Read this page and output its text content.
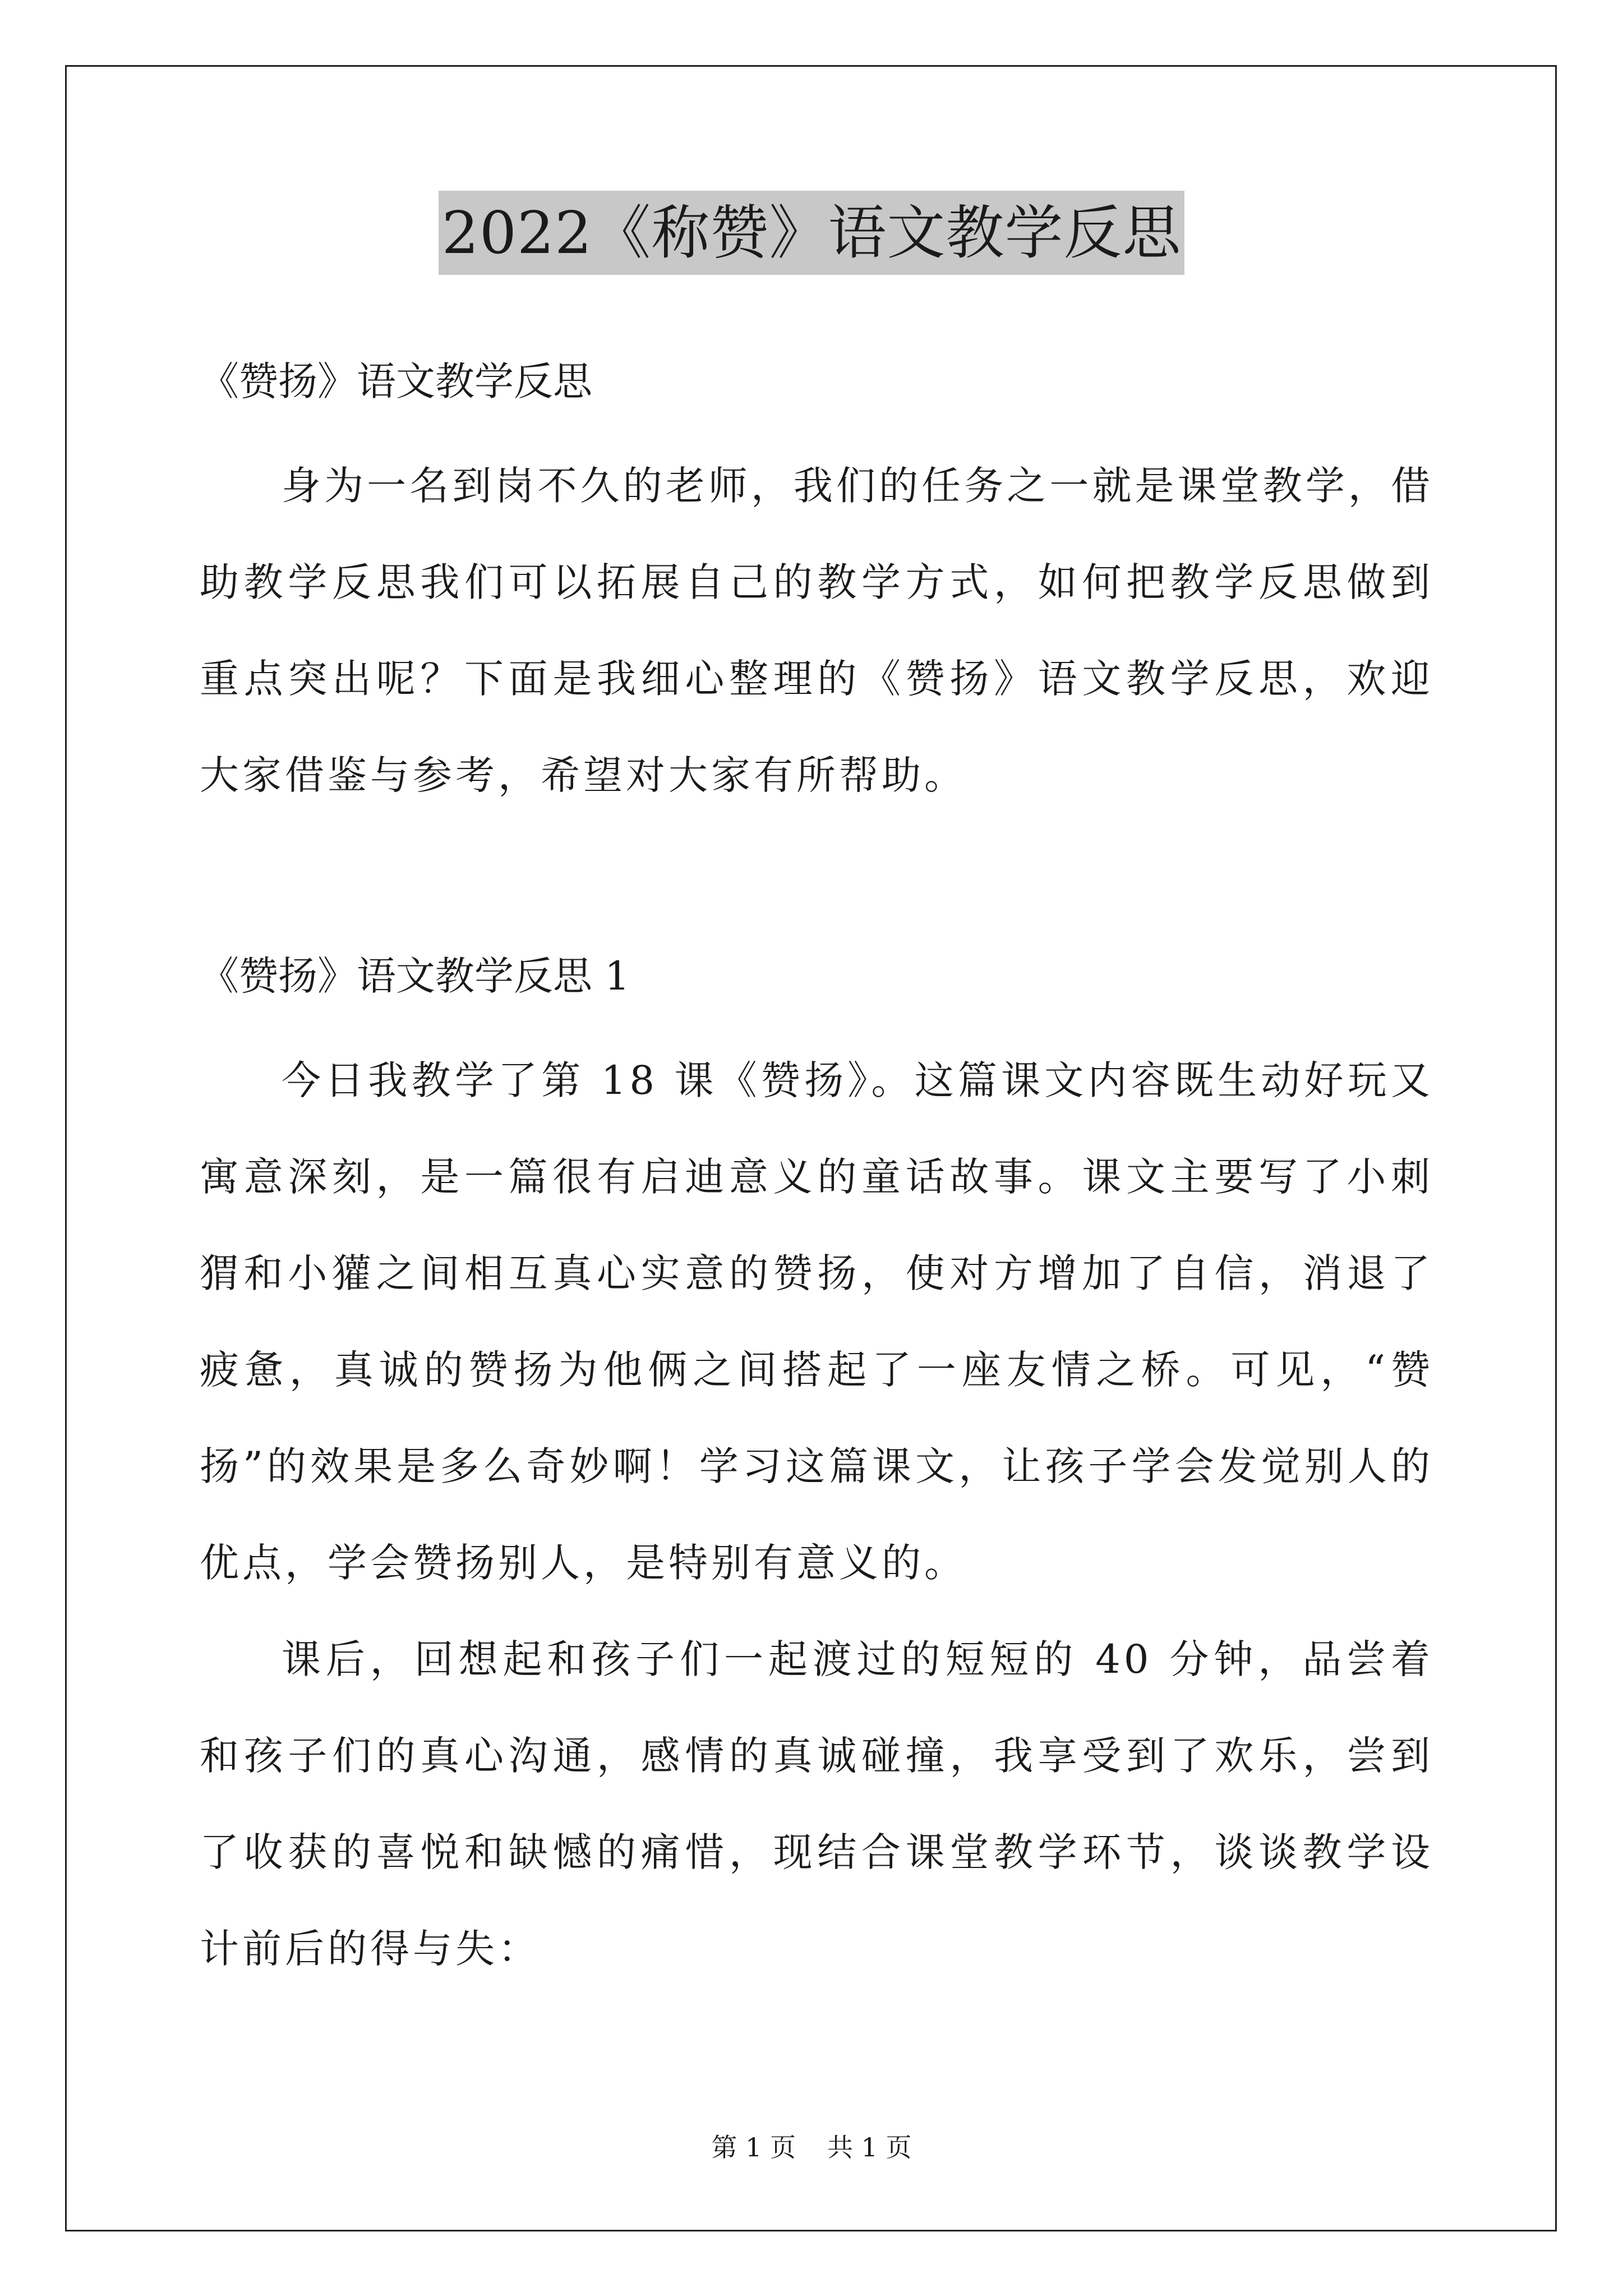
2022《称赞》语文教学反思
《赞扬》语文教学反思

身为一名到岗不久的老师，我们的任务之一就是课堂教学，借助教学反思我们可以拓展自己的教学方式，如何把教学反思做到重点突出呢？下面是我细心整理的《赞扬》语文教学反思，欢迎大家借鉴与参考，希望对大家有所帮助。

《赞扬》语文教学反思 1

今日我教学了第 18 课《赞扬》。这篇课文内容既生动好玩又寓意深刻，是一篇很有启迪意义的童话故事。课文主要写了小刺猬和小獾之间相互真心实意的赞扬，使对方增加了自信，消退了疲惫，真诚的赞扬为他俩之间搭起了一座友情之桥。可见，“赞扬”的效果是多么奇妙啊！学习这篇课文，让孩子学会发觉别人的优点，学会赞扬别人，是特别有意义的。

课后，回想起和孩子们一起渡过的短短的 40 分钟，品尝着和孩子们的真心沟通，感情的真诚碰撞，我享受到了欢乐，尝到了收获的喜悦和缺憾的痛惜，现结合课堂教学环节，谈谈教学设计前后的得与失：

第 1 页 共 1 页
